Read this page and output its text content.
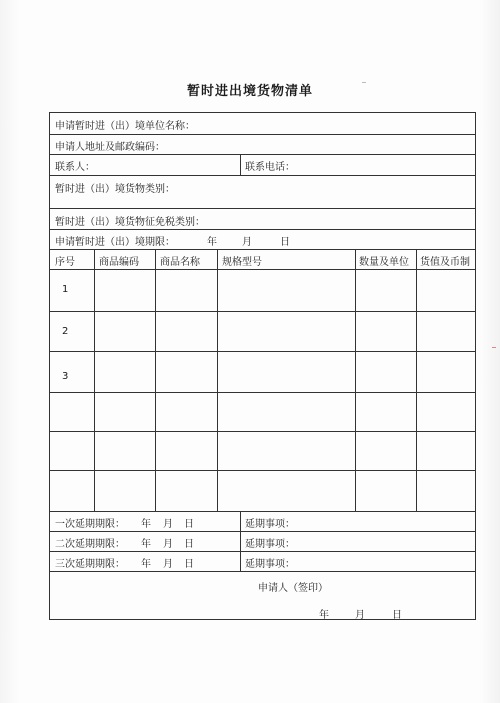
暂时进出境货物清单
申请暂时进（出）境单位名称：
申请人地址及邮政编码：
联系人：	联系电话：
暂时进（出）境货物类别：
暂时进（出）境货物征免税类别：
申请暂时进（出）境期限：	年	月	日
序号 商品编码 商品名称 规格型号	数量及单位 货值及币制
1
2
3
一次延期期限： 年 月 日	延期事项：
二次延期期限： 年 月 日	延期事项：
三次延期期限： 年 月 日	延期事项：
申请人（签印）
年	月	日
